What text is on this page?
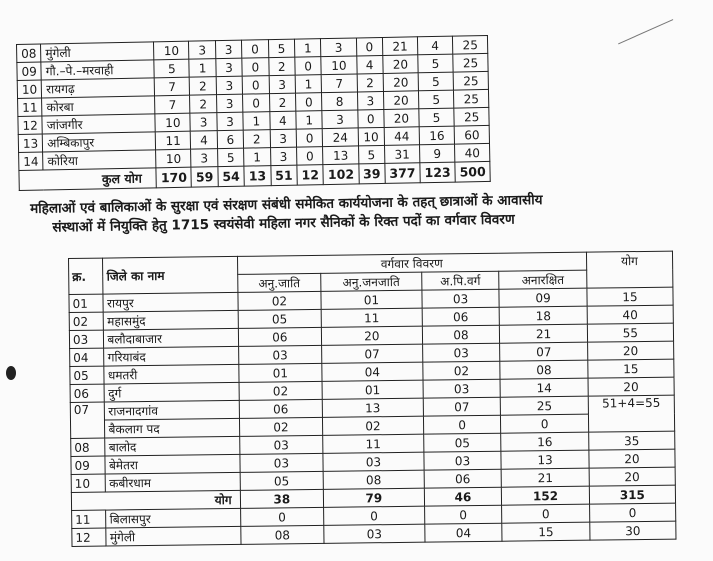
08	मुंगेली	10	3	3	0	5	1	3	0	21	4	25
09	गौ.–पे.–मरवाही	5	1	3	0	2	0	10	4	20	5	25
10	रायगढ़	7	2	3	0	3	1	7	2	20	5	25
11	कोरबा	7	2	3	0	2	0	8	3	20	5	25
12	जांजगीर	10	3	3	1	4	1	3	0	20	5	25
13	अम्बिकापुर	11	4	6	2	3	0	24	10	44	16	60
14	कोरिया	10	3	5	1	3	0	13	5	31	9	40
कुल योग		170	59	54	13	51	12	102	39	377	123	500
महिलाओं एवं बालिकाओं के सुरक्षा एवं संरक्षण संबंधी समेकित कार्ययोजना के तहत् छात्राओं के आवासीय
संस्थाओं में नियुक्ति हेतु 1715 स्वयंसेवी महिला नगर सैनिकों के रिक्त पदों का वर्गवार विवरण
क्र.	जिले का नाम	वर्गवार विवरण				योग
		अनु.जाति	अनु.जनजाति	अ.पि.वर्ग	अनारक्षित	
01	रायपुर	02	01	03	09	15
02	महासमुंद	05	11	06	18	40
03	बलौदाबाजार	06	20	08	21	55
04	गरियाबंद	03	07	03	07	20
05	धमतरी	01	04	02	08	15
06	दुर्ग	02	01	03	14	20
07	राजनादगांव	06	13	07	25	51+4=55
	बैकलाग पद	02	02	0	0	
08	बालोद	03	11	05	16	35
09	बेमेतरा	03	03	03	13	20
10	कबीरधाम	05	08	06	21	20
योग		38	79	46	152	315
11	बिलासपुर	0	0	0	0	0
12	मुंगेली	08	03	04	15	30
